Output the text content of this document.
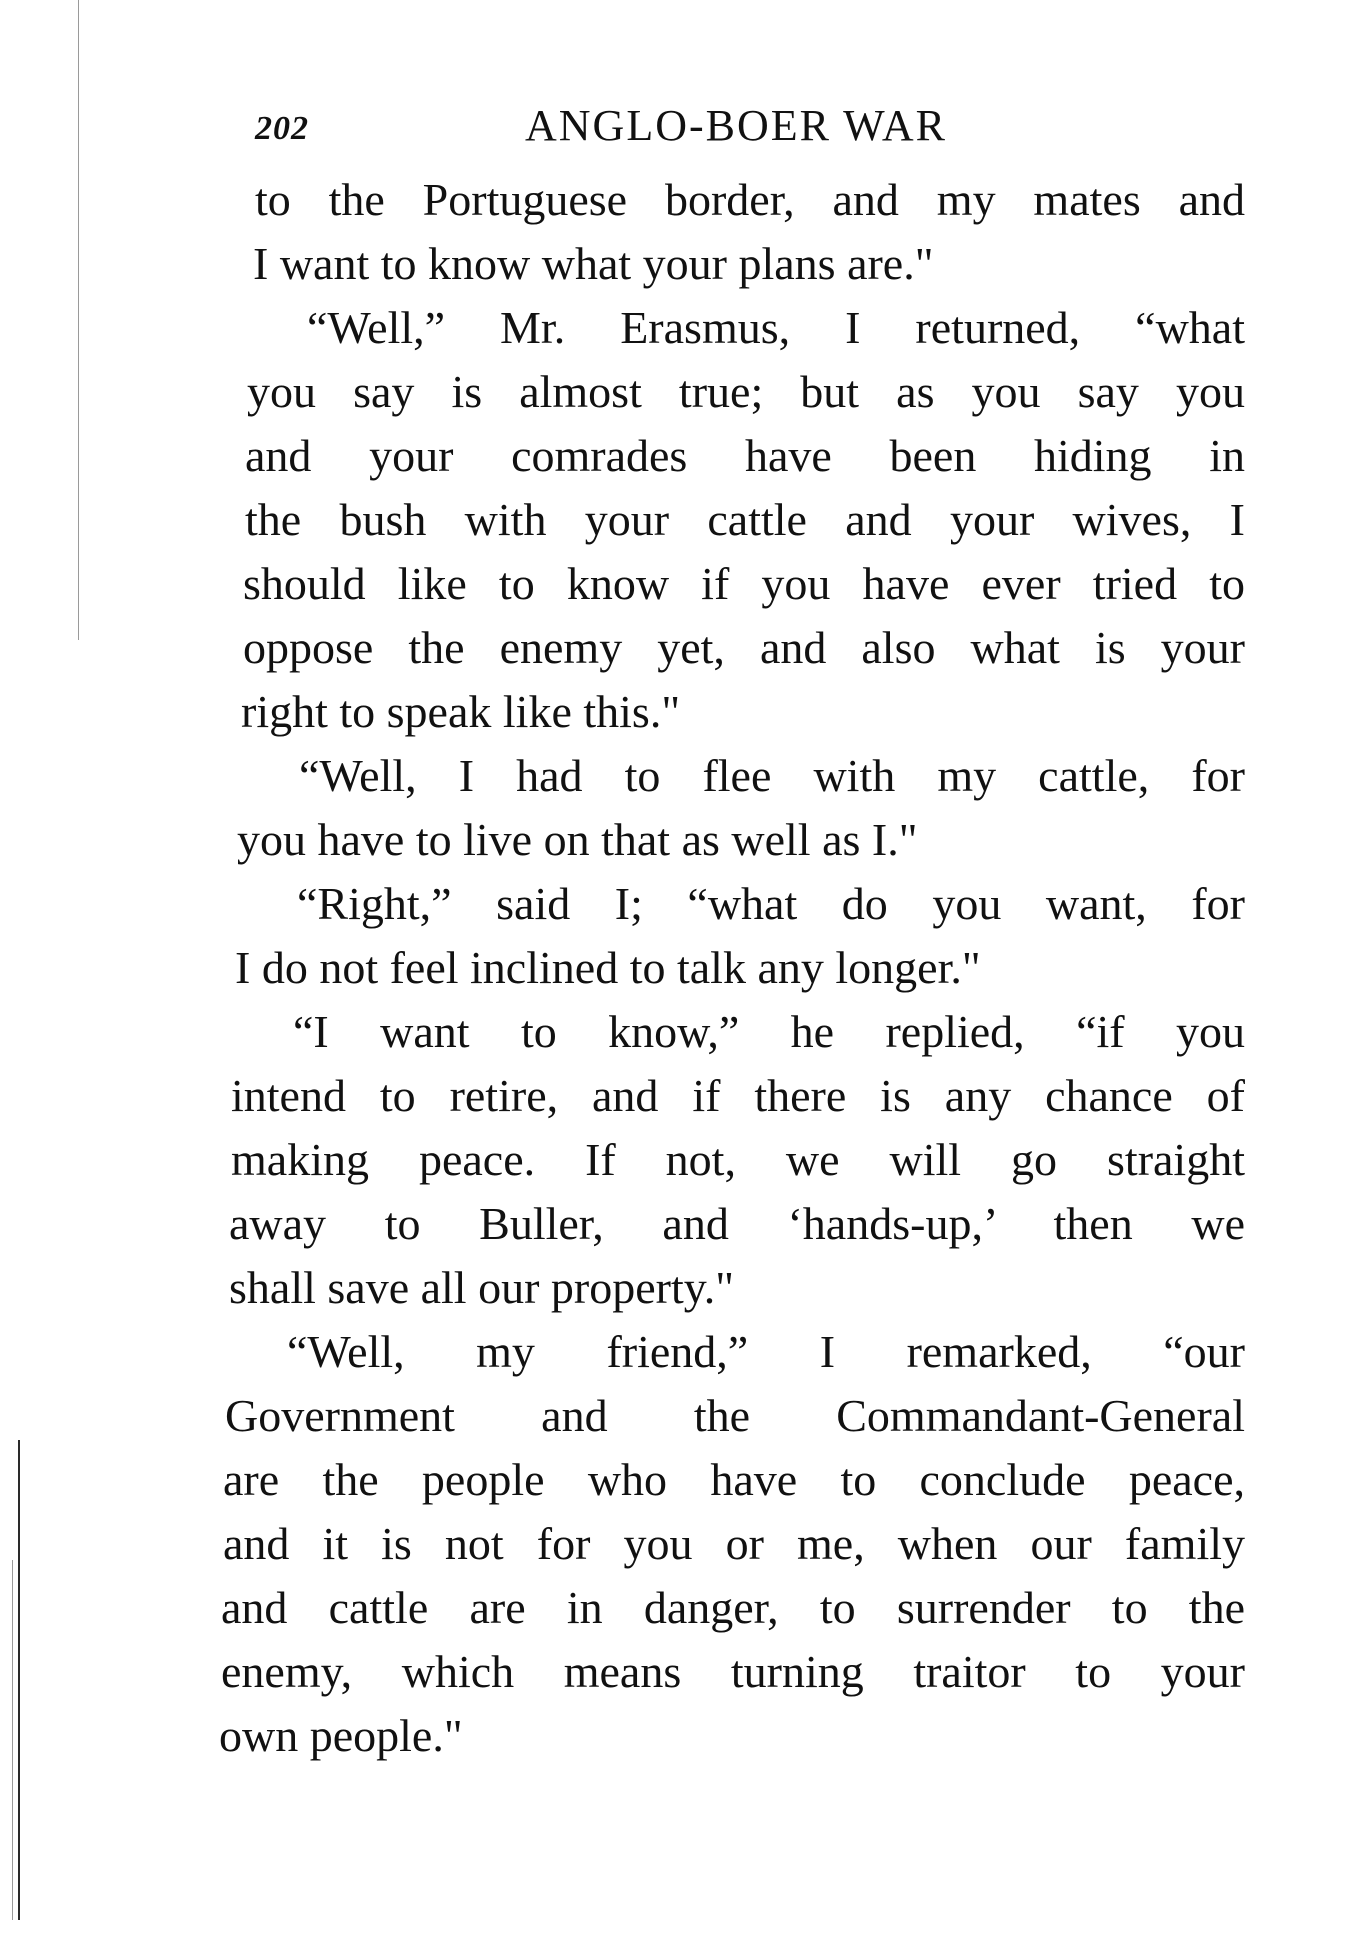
202	ANGLO-BOER WAR
to the Portuguese border, and my mates and
I want to know what your plans are."
“Well,” Mr. Erasmus, I returned, “what
you say is almost true; but as you say you
and your comrades have been hiding in
the bush with your cattle and your wives, I
should like to know if you have ever tried to
oppose the enemy yet, and also what is your
right to speak like this."
“Well, I had to flee with my cattle, for
you have to live on that as well as I."
“Right,” said I; “what do you want, for
I do not feel inclined to talk any longer."
“I want to know,” he replied, “if you
intend to retire, and if there is any chance of
making peace. If not, we will go straight
away to Buller, and ‘hands-up,’ then we
shall save all our property."
“Well, my friend,” I remarked, “our
Government and the Commandant-General
are the people who have to conclude peace,
and it is not for you or me, when our family
and cattle are in danger, to surrender to the
enemy, which means turning traitor to your
own people."
